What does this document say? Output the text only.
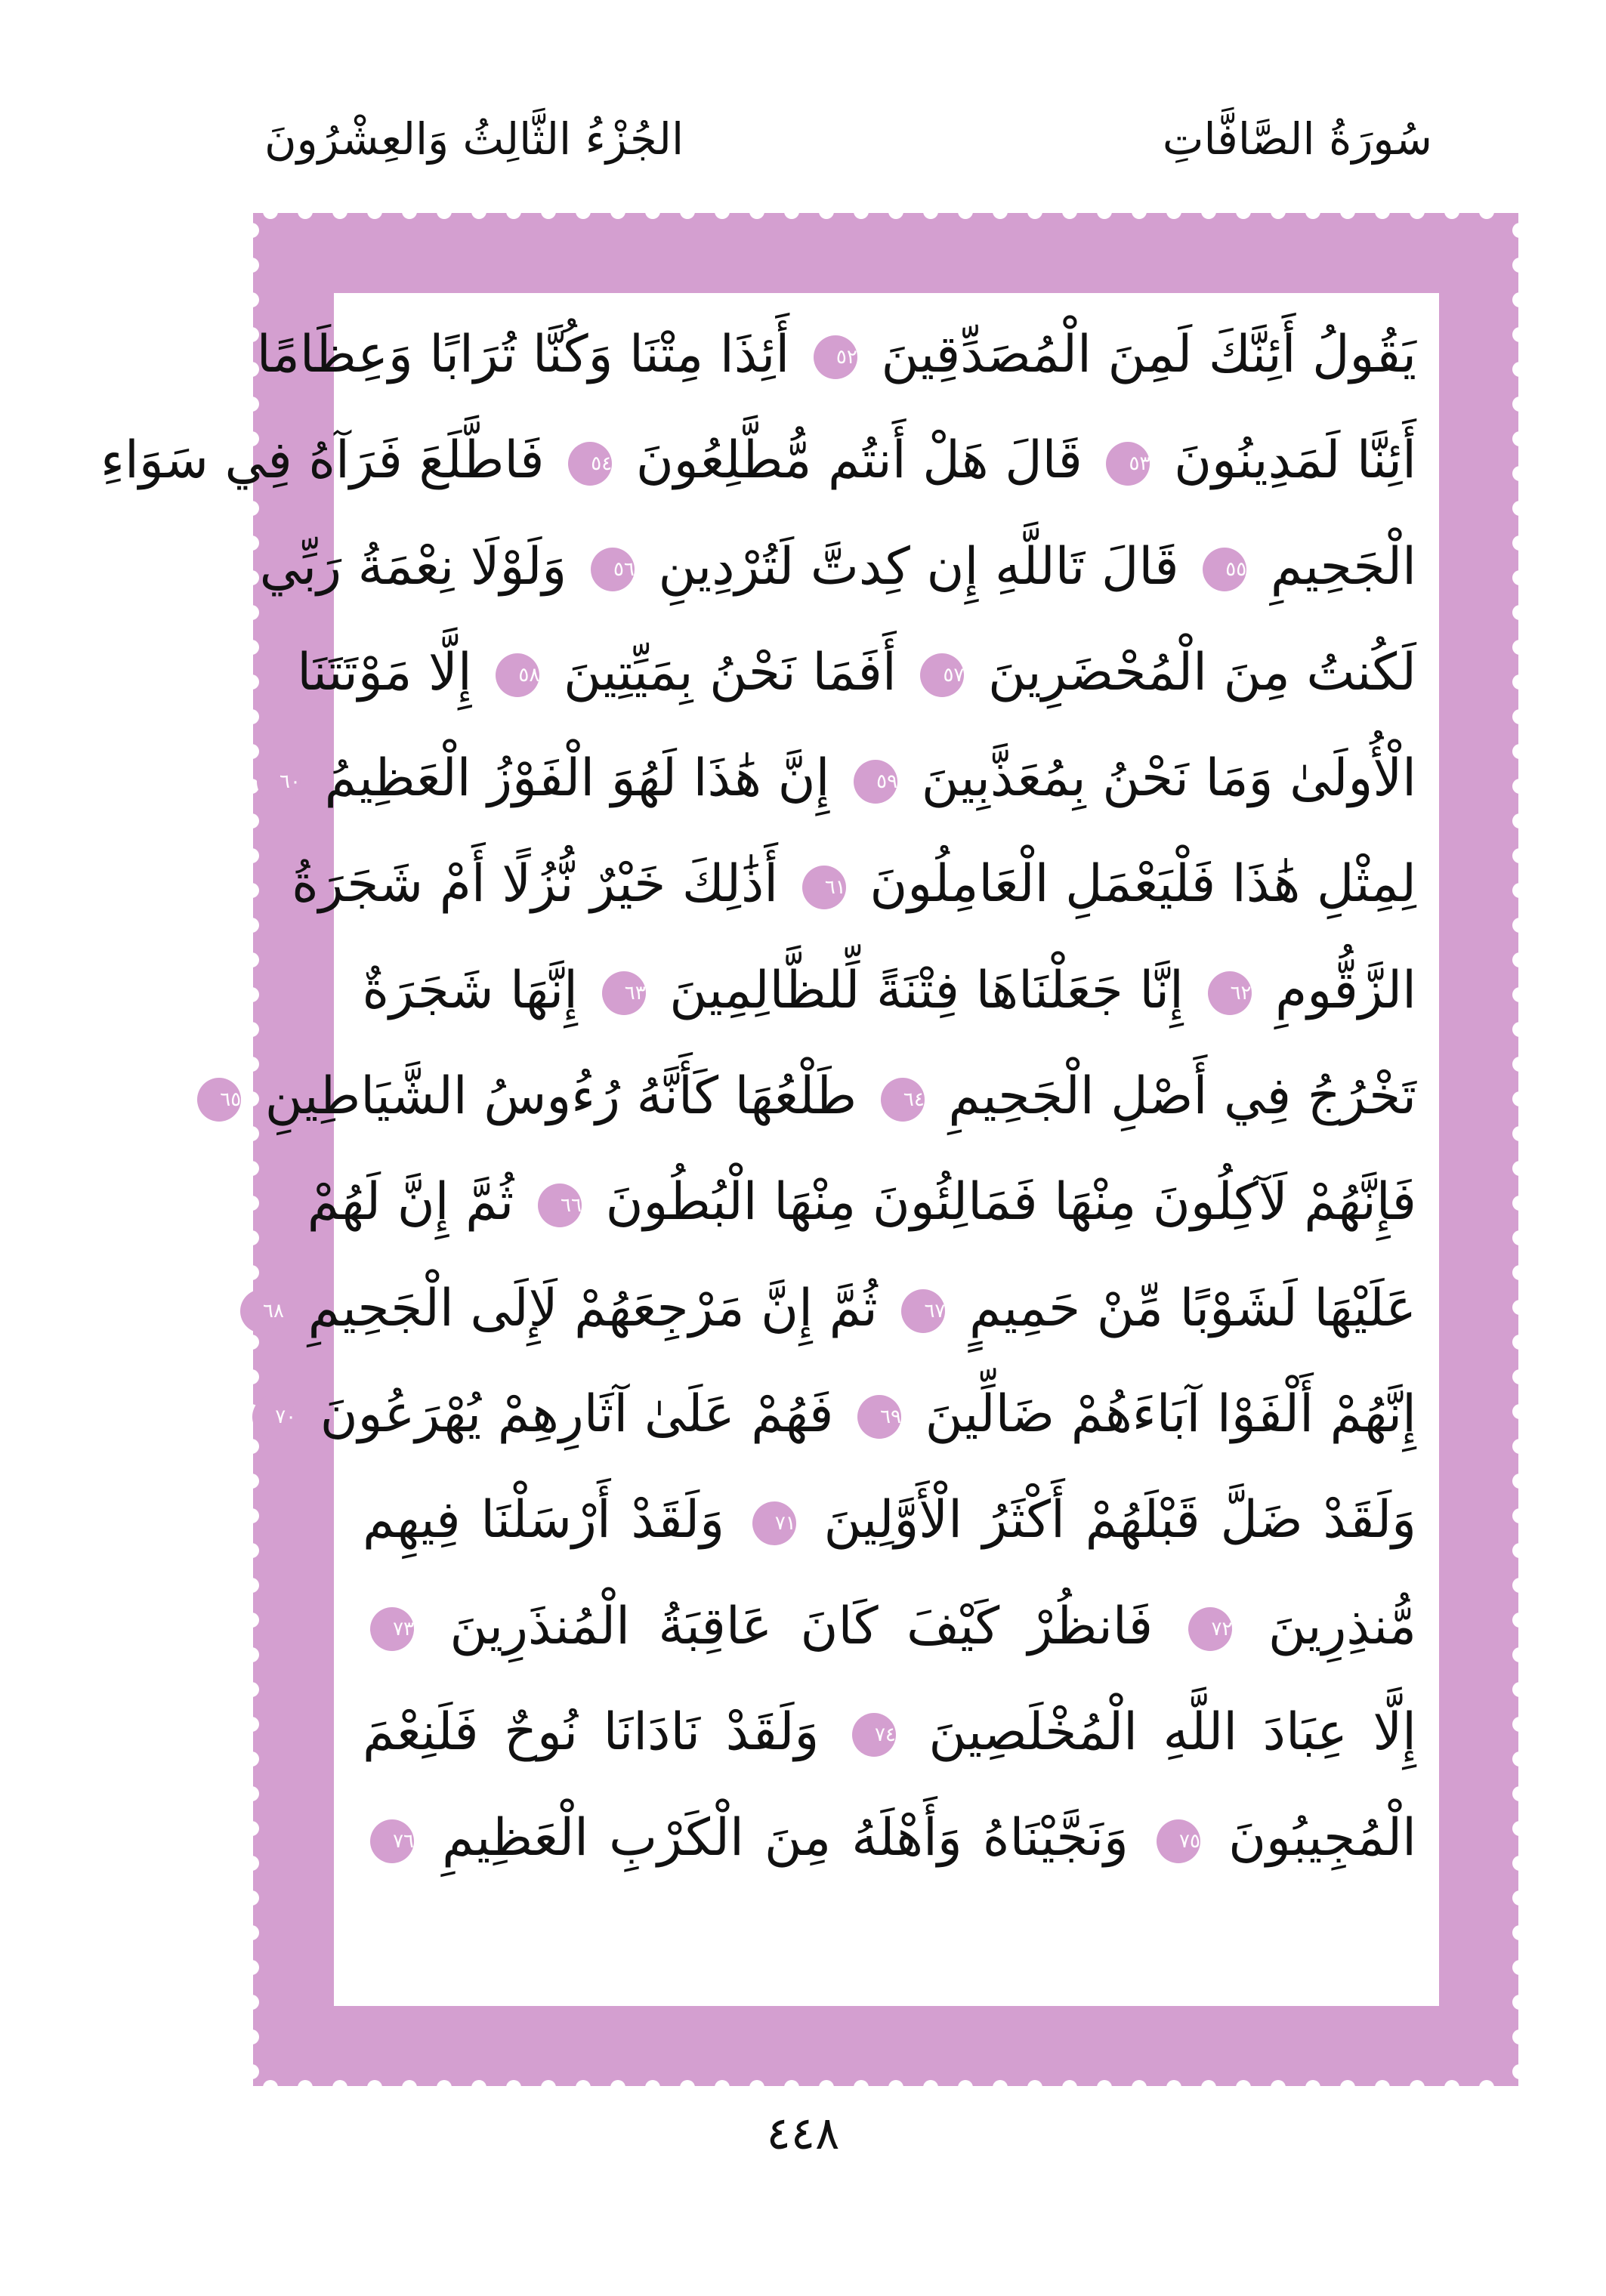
سُورَةُ الصَّافَّاتِ
الجُزْءُ الثَّالِثُ وَالعِشْرُونَ
يَقُولُ أَئِنَّكَ لَمِنَ الْمُصَدِّقِينَ ٥٢ أَئِذَا مِتْنَا وَكُنَّا تُرَابًا وَعِظَامًا
أَئِنَّا لَمَدِينُونَ ٥٣ قَالَ هَلْ أَنتُم مُّطَّلِعُونَ ٥٤ فَاطَّلَعَ فَرَآهُ فِي سَوَاءِ
الْجَحِيمِ ٥٥ قَالَ تَاللَّهِ إِن كِدتَّ لَتُرْدِينِ ٥٦ وَلَوْلَا نِعْمَةُ رَبِّي
لَكُنتُ مِنَ الْمُحْضَرِينَ ٥٧ أَفَمَا نَحْنُ بِمَيِّتِينَ ٥٨ إِلَّا مَوْتَتَنَا
الْأُولَىٰ وَمَا نَحْنُ بِمُعَذَّبِينَ ٥٩ إِنَّ هَٰذَا لَهُوَ الْفَوْزُ الْعَظِيمُ ٦٠
لِمِثْلِ هَٰذَا فَلْيَعْمَلِ الْعَامِلُونَ ٦١ أَذَٰلِكَ خَيْرٌ نُّزُلًا أَمْ شَجَرَةُ
الزَّقُّومِ ٦٢ إِنَّا جَعَلْنَاهَا فِتْنَةً لِّلظَّالِمِينَ ٦٣ إِنَّهَا شَجَرَةٌ
تَخْرُجُ فِي أَصْلِ الْجَحِيمِ ٦٤ طَلْعُهَا كَأَنَّهُ رُءُوسُ الشَّيَاطِينِ ٦٥
فَإِنَّهُمْ لَآكِلُونَ مِنْهَا فَمَالِئُونَ مِنْهَا الْبُطُونَ ٦٦ ثُمَّ إِنَّ لَهُمْ
عَلَيْهَا لَشَوْبًا مِّنْ حَمِيمٍ ٦٧ ثُمَّ إِنَّ مَرْجِعَهُمْ لَإِلَى الْجَحِيمِ ٦٨
إِنَّهُمْ أَلْفَوْا آبَاءَهُمْ ضَالِّينَ ٦٩ فَهُمْ عَلَىٰ آثَارِهِمْ يُهْرَعُونَ ٧٠
وَلَقَدْ ضَلَّ قَبْلَهُمْ أَكْثَرُ الْأَوَّلِينَ ٧١ وَلَقَدْ أَرْسَلْنَا فِيهِم
مُّنذِرِينَ ٧٢ فَانظُرْ كَيْفَ كَانَ عَاقِبَةُ الْمُنذَرِينَ ٧٣
إِلَّا عِبَادَ اللَّهِ الْمُخْلَصِينَ ٧٤ وَلَقَدْ نَادَانَا نُوحٌ فَلَنِعْمَ
الْمُجِيبُونَ ٧٥ وَنَجَّيْنَاهُ وَأَهْلَهُ مِنَ الْكَرْبِ الْعَظِيمِ ٧٦
٤٤٨
